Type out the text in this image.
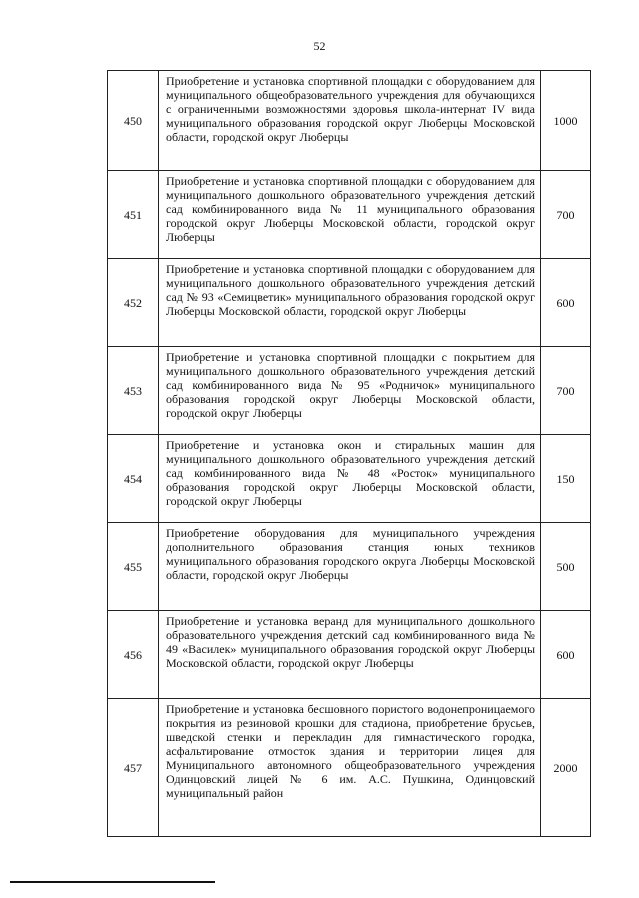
52
450	Приобретение и установка спортивной площадки с оборудованием для муниципального общеобразовательного учреждения для обучающихся с ограниченными возможностями здоровья школа-интернат IV вида муниципального образования городской округ Люберцы Московской области, городской округ Люберцы	1000
451	Приобретение и установка спортивной площадки с оборудованием для муниципального дошкольного образовательного учреждения детский сад комбинированного вида № 11 муниципального образования городской округ Люберцы Московской области, городской округ Люберцы	700
452	Приобретение и установка спортивной площадки с оборудованием для муниципального дошкольного образовательного учреждения детский сад № 93 «Семицветик» муниципального образования городской округ Люберцы Московской области, городской округ Люберцы	600
453	Приобретение и установка спортивной площадки с покрытием для муниципального дошкольного образовательного учреждения детский сад комбинированного вида № 95 «Родничок» муниципального образования городской округ Люберцы Московской области, городской округ Люберцы	700
454	Приобретение и установка окон и стиральных машин для муниципального дошкольного образовательного учреждения детский сад комбинированного вида № 48 «Росток» муниципального образования городской округ Люберцы Московской области, городской округ Люберцы	150
455	Приобретение оборудования для муниципального учреждения дополнительного образования станция юных техников муниципального образования городского округа Люберцы Московской области, городской округ Люберцы	500
456	Приобретение и установка веранд для муниципального дошкольного образовательного учреждения детский сад комбинированного вида № 49 «Василек» муниципального образования городской округ Люберцы Московской области, городской округ Люберцы	600
457	Приобретение и установка бесшовного пористого водонепроницаемого покрытия из резиновой крошки для стадиона, приобретение брусьев, шведской стенки и перекладин для гимнастического городка, асфальтирование отмосток здания и территории лицея для Муниципального автономного общеобразовательного учреждения Одинцовский лицей № 6 им. А.С. Пушкина, Одинцовский муниципальный район	2000
